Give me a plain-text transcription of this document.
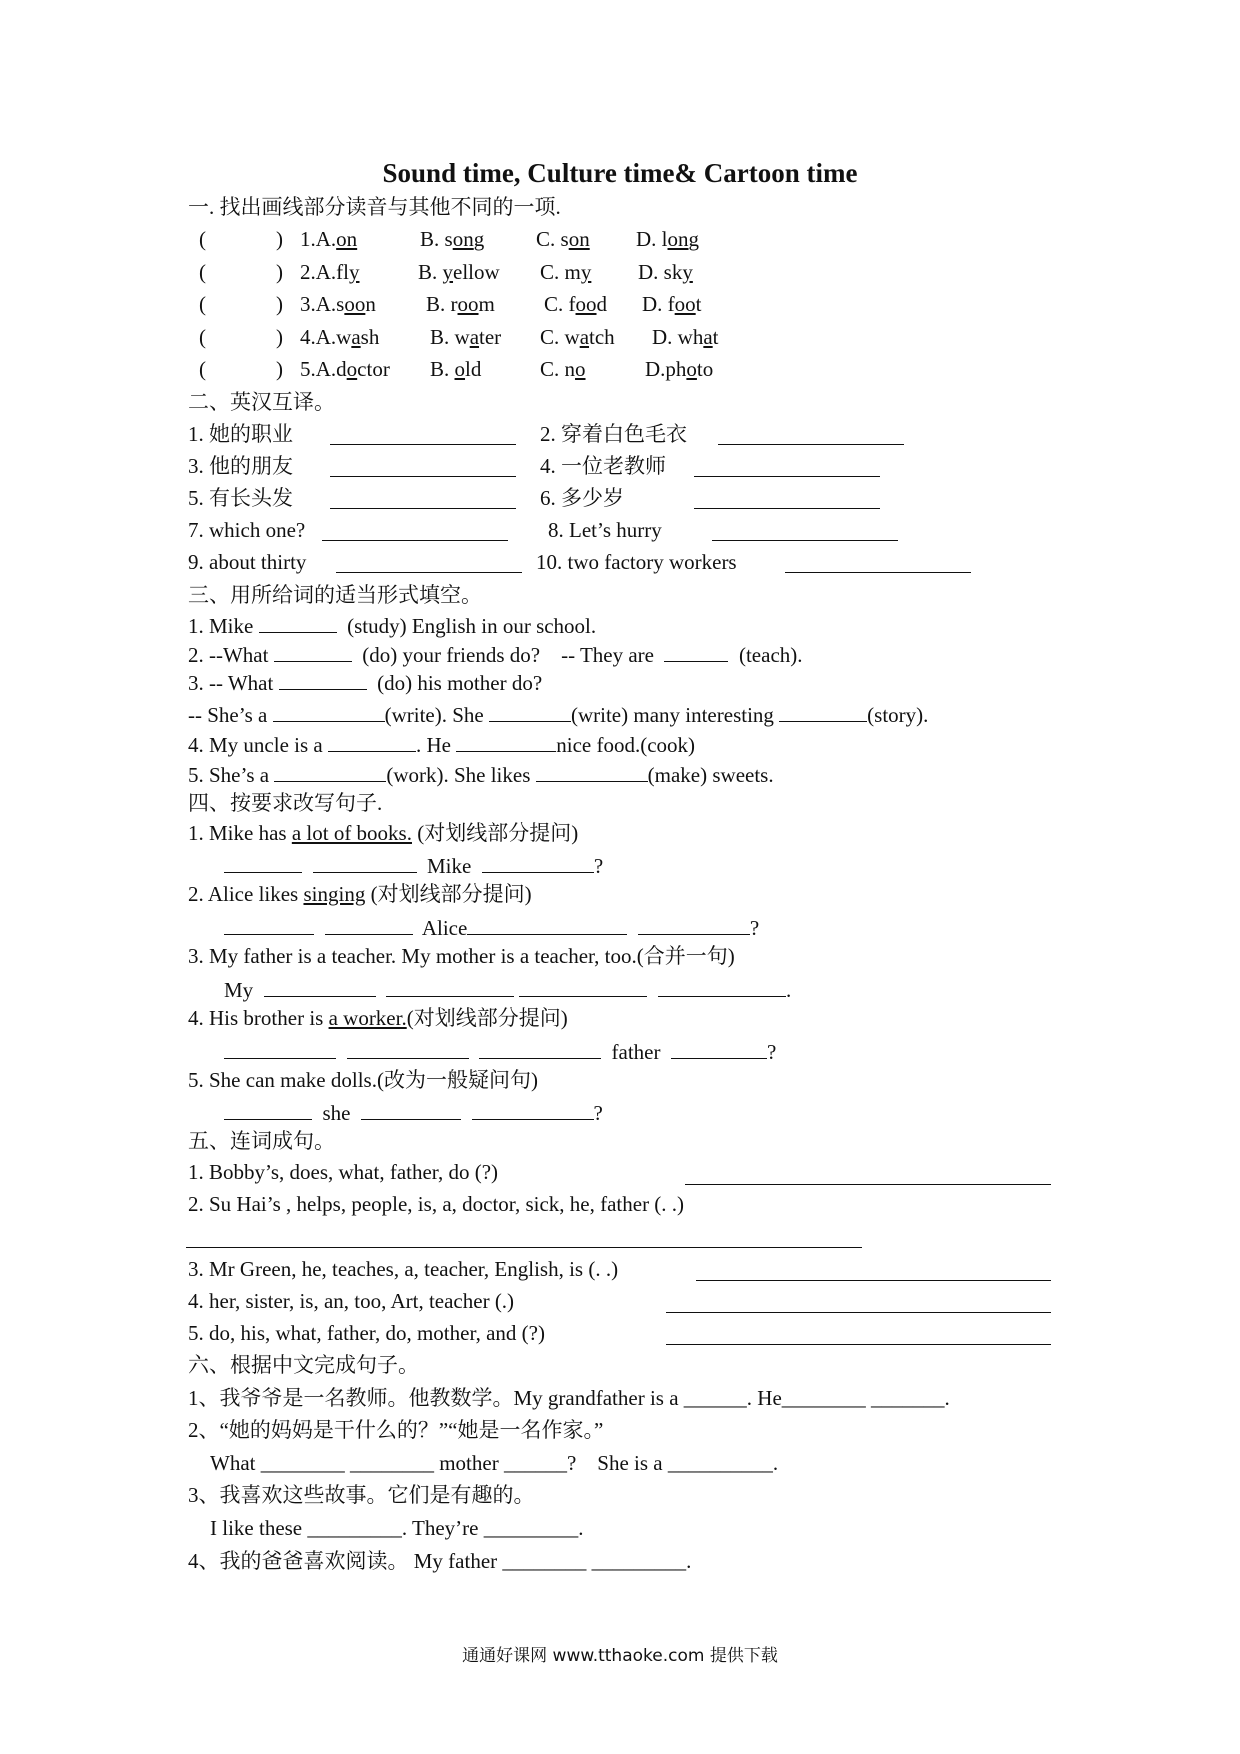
Sound time, Culture time& Cartoon time
一. 找出画线部分读音与其他不同的一项.
(	) 1.A.on	B. song C. son D. long
(	) 2.A.fly	B. yellow C. my D. sky
(	) 3.A.soon B. room C. food D. foot
(	) 4.A.wash B. water C. watch D. what
(	) 5.A.doctor B. old	C. no	D.photo
二、英汉互译。
1. 她的职业	2. 穿着白色毛衣
3. 他的朋友	4. 一位老教师
5. 有长头发	6. 多少岁
7. which one?	8. Let’s hurry
9. about thirty	10. two factory workers
三、用所给词的适当形式填空。
1. Mike	(study) English in our school.
2. --What	(do) your friends do? -- They are	(teach).
3. -- What	(do) his mother do?
-- She’s a	(write). She	(write) many interesting	(story).
4. My uncle is a	. He	nice food.(cook)
5. She’s a	(work). She likes	(make) sweets.
四、按要求改写句子.
1. Mike has a lot of books. (对划线部分提问)
Mike	?
2. Alice likes singing (对划线部分提问)
Alice	?
3. My father is a teacher. My mother is a teacher, too.(合并一句)
My	.
4. His brother is a worker.(对划线部分提问)
father	?
5. She can make dolls.(改为一般疑问句)
she	?
五、连词成句。
1. Bobby’s, does, what, father, do (?)
2. Su Hai’s , helps, people, is, a, doctor, sick, he, father (. .)
3. Mr Green, he, teaches, a, teacher, English, is (. .)
4. her, sister, is, an, too, Art, teacher (.)
5. do, his, what, father, do, mother, and (?)
六、根据中文完成句子。
1、我爷爷是一名教师。他教数学。My grandfather is a ______. He________ _______.
2、“她的妈妈是干什么的？”“她是一名作家。”
What ________ ________ mother ______?    She is a __________.
3、我喜欢这些故事。它们是有趣的。
I like these _________. They’re _________.
4、我的爸爸喜欢阅读。 My father ________ _________.
通通好课网 www.tthaoke.com 提供下载
